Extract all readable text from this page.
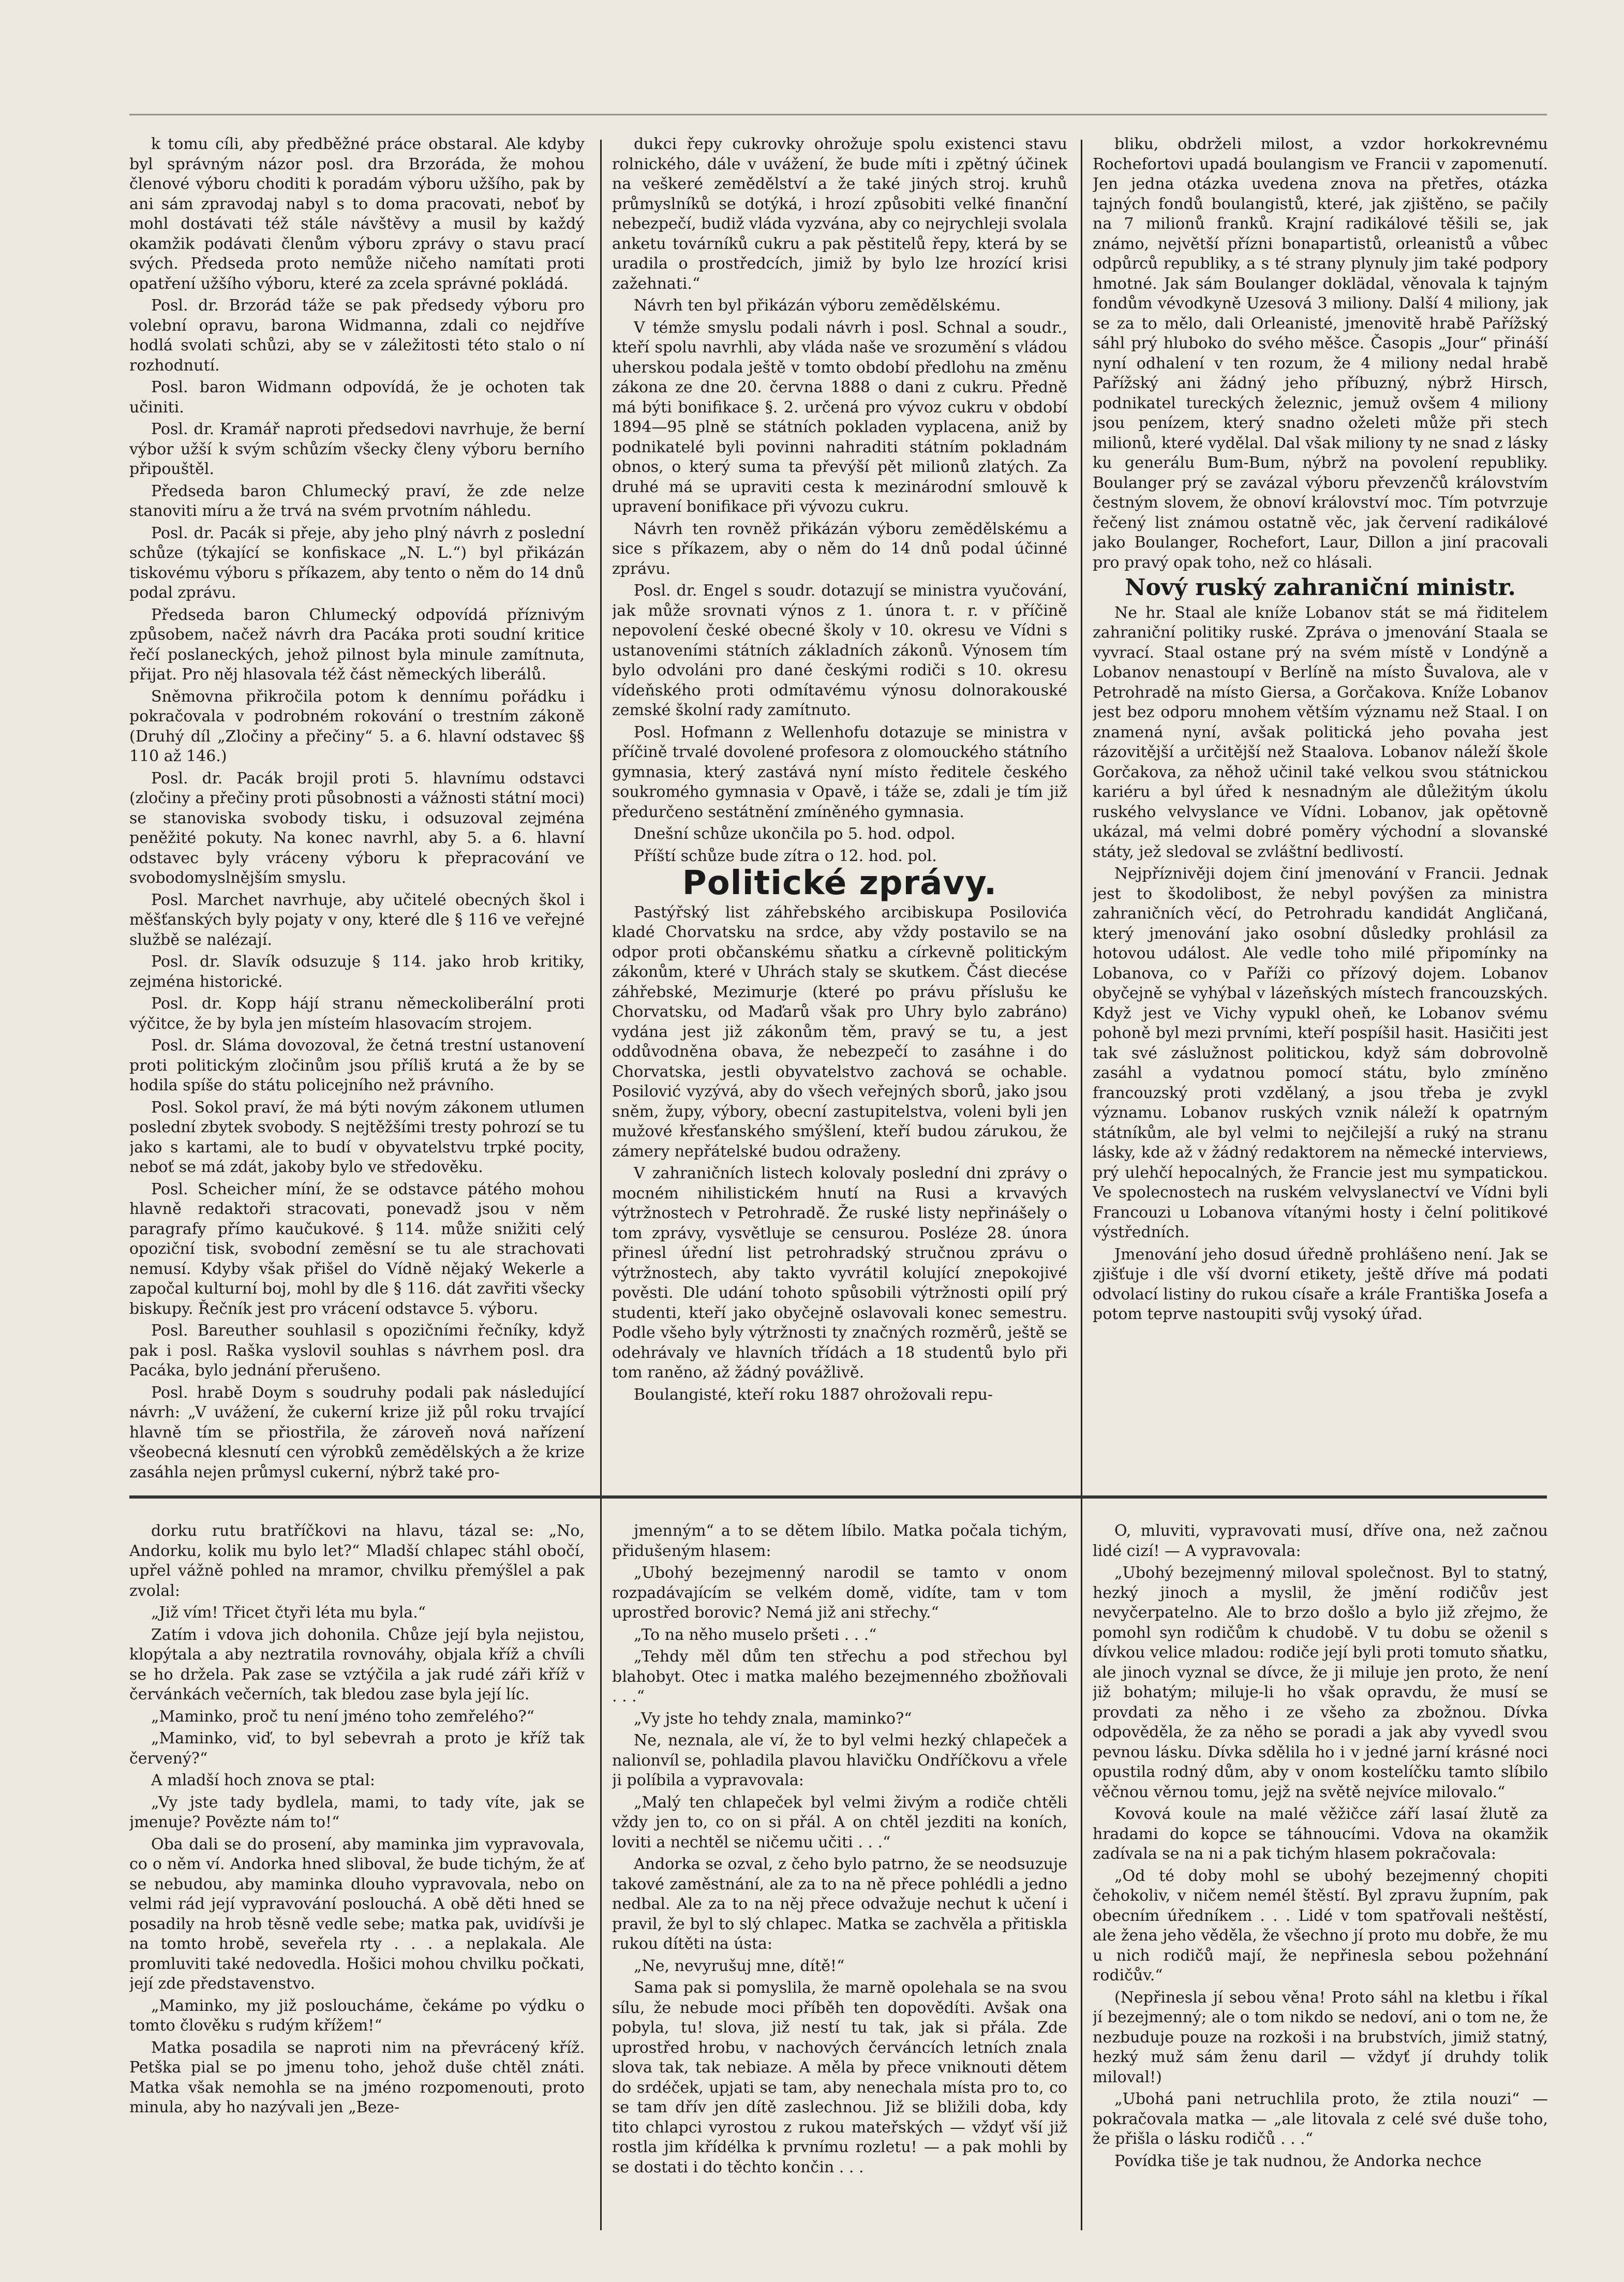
k tomu cíli, aby předběžné práce obstaral. Ale kdyby byl správným názor posl. dra Brzoráda, že mohou členové výboru choditi k poradám výboru užšího, pak by ani sám zpravodaj nabyl s to doma pracovati, neboť by mohl dostávati též stále návštěvy a musil by každý okamžik podávati členům výboru zprávy o stavu prací svých. Předseda proto nemůže ničeho namítati proti opatření užšího výboru, které za zcela správné pokládá.

Posl. dr. Brzorád táže se pak předsedy výboru pro volební opravu, barona Widmanna, zdali co nejdříve hodlá svolati schůzi, aby se v záležitosti této stalo o ní rozhodnutí.

Posl. baron Widmann odpovídá, že je ochoten tak učiniti.

Posl. dr. Kramář naproti předsedovi navrhuje, že berní výbor užší k svým schůzím všecky členy výboru berního připouštěl.

Předseda baron Chlumecký praví, že zde nelze stanoviti míru a že trvá na svém prvotním náhledu.

Posl. dr. Pacák si přeje, aby jeho plný návrh z poslední schůze (týkající se konfiskace „N. L.“) byl přikázán tiskovému výboru s příkazem, aby tento o něm do 14 dnů podal zprávu.

Předseda baron Chlumecký odpovídá příznivým způsobem, načež návrh dra Pacáka proti soudní kritice řečí poslaneckých, jehož pilnost byla minule zamítnuta, přijat. Pro něj hlasovala též část německých liberálů.

Sněmovna přikročila potom k dennímu pořádku i pokračovala v podrobném rokování o trestním zákoně (Druhý díl „Zločiny a přečiny“ 5. a 6. hlavní odstavec §§ 110 až 146.)

Posl. dr. Pacák brojil proti 5. hlavnímu odstavci (zločiny a přečiny proti působnosti a vážnosti státní moci) se stanoviska svobody tisku, i odsuzoval zejména peněžité pokuty. Na konec navrhl, aby 5. a 6. hlavní odstavec byly vráceny výboru k přepracování ve svobodomyslnějším smyslu.

Posl. Marchet navrhuje, aby učitelé obecných škol i měšťanských byly pojaty v ony, které dle § 116 ve veřejné službě se nalézají.

Posl. dr. Slavík odsuzuje § 114. jako hrob kritiky, zejména historické.

Posl. dr. Kopp hájí stranu německoliberální proti výčitce, že by byla jen místeím hlasovacím strojem.

Posl. dr. Sláma dovozoval, že četná trestní ustanovení proti politickým zločinům jsou příliš krutá a že by se hodila spíše do státu policejního než právního.

Posl. Sokol praví, že má býti novým zákonem utlumen poslední zbytek svobody. S nejtěžšími tresty pohrozí se tu jako s kartami, ale to budí v obyvatelstvu trpké pocity, neboť se má zdát, jakoby bylo ve středověku.

Posl. Scheicher míní, že se odstavce pátého mohou hlavně redaktoři stracovati, ponevadž jsou v něm paragrafy přímo kaučukové. § 114. může snižiti celý opoziční tisk, svobodní zeměsní se tu ale strachovati nemusí. Kdyby však přišel do Vídně nějaký Wekerle a započal kulturní boj, mohl by dle § 116. dát zavřiti všecky biskupy. Řečník jest pro vrácení odstavce 5. výboru.

Posl. Bareuther souhlasil s opozičními řečníky, když pak i posl. Raška vyslovil souhlas s návrhem posl. dra Pacáka, bylo jednání přerušeno.

Posl. hrabě Doym s soudruhy podali pak následující návrh: „V uvážení, že cukerní krize již půl roku trvající hlavně tím se přiostřila, že zároveň nová nařízení všeobecná klesnutí cen výrobků zemědělských a že krize zasáhla nejen průmysl cukerní, nýbrž také pro-

dukci řepy cukrovky ohrožuje spolu existenci stavu rolnického, dále v uvážení, že bude míti i zpětný účinek na veškeré zemědělství a že také jiných stroj. kruhů průmyslníků se dotýká, i hrozí způsobiti velké finanční nebezpečí, budiž vláda vyzvána, aby co nejrychleji svolala anketu továrníků cukru a pak pěstitelů řepy, která by se uradila o prostředcích, jimiž by bylo lze hrozící krisi zažehnati.“

Návrh ten byl přikázán výboru zemědělskému.

V témže smyslu podali návrh i posl. Schnal a soudr., kteří spolu navrhli, aby vláda naše ve srozumění s vládou uherskou podala ještě v tomto období předlohu na změnu zákona ze dne 20. června 1888 o dani z cukru. Předně má býti bonifikace §. 2. určená pro vývoz cukru v období 1894—95 plně se státních pokladen vyplacena, aniž by podnikatelé byli povinni nahraditi státním pokladnám obnos, o který suma ta převýší pět milionů zlatých. Za druhé má se upraviti cesta k mezinárodní smlouvě k upravení bonifikace při vývozu cukru.

Návrh ten rovněž přikázán výboru zemědělskému a sice s příkazem, aby o něm do 14 dnů podal účinné zprávu.

Posl. dr. Engel s soudr. dotazují se ministra vyučování, jak může srovnati výnos z 1. února t. r. v příčině nepovolení české obecné školy v 10. okresu ve Vídni s ustanoveními státních základních zákonů. Výnosem tím bylo odvoláni pro dané českými rodiči s 10. okresu vídeňského proti odmítavému výnosu dolnorakouské zemské školní rady zamítnuto.

Posl. Hofmann z Wellenhofu dotazuje se ministra v příčině trvalé dovolené profesora z olomouckého státního gymnasia, který zastává nyní místo ředitele českého soukromého gymnasia v Opavě, i táže se, zdali je tím již předurčeno sestátnění zmíněného gymnasia.

Dnešní schůze ukončila po 5. hod. odpol.

Příští schůze bude zítra o 12. hod. pol.

Politické zprávy.

Pastýřský list záhřebského arcibiskupa Posilovića kladé Chorvatsku na srdce, aby vždy postavilo se na odpor proti občanskému sňatku a církevně politickým zákonům, které v Uhrách staly se skutkem. Část diecése záhřebské, Mezimurje (které po právu příslušu ke Chorvatsku, od Maďarů však pro Uhry bylo zabráno) vydána jest již zákonům těm, pravý se tu, a jest oddůvodněna obava, že nebezpečí to zasáhne i do Chorvatska, jestli obyvatelstvo zachová se ochable. Posilović vyzývá, aby do všech veřejných sborů, jako jsou sněm, župy, výbory, obecní zastupitelstva, voleni byli jen mužové křesťanského smýšlení, kteří budou zárukou, že zámery nepřátelské budou odraženy.

V zahraničních listech kolovaly poslední dni zprávy o mocném nihilistickém hnutí na Rusi a krvavých výtržnostech v Petrohradě. Že ruské listy nepřinášely o tom zprávy, vysvětluje se censurou. Posléze 28. února přinesl úřední list petrohradský stručnou zprávu o výtržnostech, aby takto vyvrátil kolující znepokojivé pověsti. Dle udání tohoto spůsobili výtržnosti opilí prý studenti, kteří jako obyčejně oslavovali konec semestru. Podle všeho byly výtržnosti ty značných rozměrů, ještě se odehrávaly ve hlavních třídách a 18 studentů bylo při tom raněno, až žádný povážlivě.

Boulangisté, kteří roku 1887 ohrožovali repu-

bliku, obdrželi milost, a vzdor horkokrevnému Rochefortovi upadá boulangism ve Francii v zapomenutí. Jen jedna otázka uvedena znova na přetřes, otázka tajných fondů boulangistů, které, jak zjištěno, se pačily na 7 milionů franků. Krajní radikálové těšili se, jak známo, největší přízni bonapartistů, orleanistů a vůbec odpůrců republiky, a s té strany plynuly jim také podpory hmotné. Jak sám Boulanger doklädal, věnovala k tajným fondům vévodkyně Uzesová 3 miliony. Další 4 miliony, jak se za to mělo, dali Orleanisté, jmenovitě hrabě Pařížský sáhl prý hluboko do svého měšce. Časopis „Jour“ přináší nyní odhalení v ten rozum, že 4 miliony nedal hrabě Pařížský ani žádný jeho příbuzný, nýbrž Hirsch, podnikatel tureckých železnic, jemuž ovšem 4 miliony jsou penízem, který snadno oželeti může při stech milionů, které vydělal. Dal však miliony ty ne snad z lásky ku generálu Bum-Bum, nýbrž na povolení republiky. Boulanger prý se zavázal výboru převzenčů královstvím čestným slovem, že obnoví království moc. Tím potvrzuje řečený list známou ostatně věc, jak červení radikálové jako Boulanger, Rochefort, Laur, Dillon a jiní pracovali pro pravý opak toho, než co hlásali.

Nový ruský zahraniční ministr.

Ne hr. Staal ale kníže Lobanov stát se má řiditelem zahraniční politiky ruské. Zpráva o jmenování Staala se vyvrací. Staal ostane prý na svém místě v Londýně a Lobanov nenastoupí v Berlíně na místo Šuvalova, ale v Petrohradě na místo Giersa, a Gorčakova. Kníže Lobanov jest bez odporu mnohem větším významu než Staal. I on znamená nyní, avšak politická jeho povaha jest rázovitější a určitější než Staalova. Lobanov náleží škole Gorčakova, za něhož učinil také velkou svou státnickou kariéru a byl úřed k nesnadným ale důležitým úkolu ruského velvyslance ve Vídni. Lobanov, jak opětovně ukázal, má velmi dobré poměry východní a slovanské státy, jež sledoval se zvláštní bedlivostí.

Nejpříznivěji dojem činí jmenování v Francii. Jednak jest to škodolibost, že nebyl povýšen za ministra zahraničních věcí, do Petrohradu kandidát Angličaná, který jmenování jako osobní důsledky prohlásil za hotovou událost. Ale vedle toho milé připomínky na Lobanova, co v Paříži co přízový dojem. Lobanov obyčejně se vyhýbal v lázeňských místech francouzských. Když jest ve Vichy vypukl oheň, ke Lobanov svému pohoně byl mezi prvními, kteří pospíšil hasit. Hasičiti jest tak své záslužnost politickou, když sám dobrovolně zasáhl a vydatnou pomocí státu, bylo zmíněno francouzský proti vzdělaný, a jsou třeba je zvykl významu. Lobanov ruských vznik náleží k opatrným státníkům, ale byl velmi to nejčilejší a ruký na stranu lásky, kde až v žádný redaktorem na německé interviews, prý ulehčí hepocalných, že Francie jest mu sympatickou. Ve spolecnostech na ruském velvyslanectví ve Vídni byli Francouzi u Lobanova vítanými hosty i čelní politikové výstředních.

Jmenování jeho dosud úředně prohlášeno není. Jak se zjišťuje i dle vší dvorní etikety, ještě dříve má podati odvolací listiny do rukou císaře a krále Františka Josefa a potom teprve nastoupiti svůj vysoký úřad.

dorku rutu bratříčkovi na hlavu, tázal se: „No, Andorku, kolik mu bylo let?“ Mladší chlapec stáhl obočí, upřel vážně pohled na mramor, chvilku přemýšlel a pak zvolal:

„Již vím! Třicet čtyři léta mu byla.“

Zatím i vdova jich dohonila. Chůze její byla nejistou, klopýtala a aby neztratila rovnováhy, objala kříž a chvíli se ho držela. Pak zase se vztýčila a jak rudé záři kříž v červánkách večerních, tak bledou zase byla její líc.

„Maminko, proč tu není jméno toho zemřelého?“

„Maminko, viď, to byl sebevrah a proto je kříž tak červený?“

A mladší hoch znova se ptal:

„Vy jste tady bydlela, mami, to tady víte, jak se jmenuje? Povězte nám to!“

Oba dali se do prosení, aby maminka jim vypravovala, co o něm ví. Andorka hned sliboval, že bude tichým, že ať se nebudou, aby maminka dlouho vypravovala, nebo on velmi rád její vypravování poslouchá. A obě děti hned se posadily na hrob těsně vedle sebe; matka pak, uvidívši je na tomto hrobě, seveřela rty . . . a neplakala. Ale promluviti také nedovedla. Hošici mohou chvilku počkati, její zde představenstvo.

„Maminko, my již posloucháme, čekáme po výdku o tomto člověku s rudým křížem!“

Matka posadila se naproti nim na převrácený kříž. Petška pial se po jmenu toho, jehož duše chtěl znáti. Matka však nemohla se na jméno rozpomenouti, proto minula, aby ho nazývali jen „Beze-

jmenným“ a to se dětem líbilo. Matka počala tichým, přidušeným hlasem:

„Ubohý bezejmenný narodil se tamto v onom rozpadávajícím se velkém domě, vidíte, tam v tom uprostřed borovic? Nemá již ani střechy.“

„To na něho muselo pršeti . . .“

„Tehdy měl dům ten střechu a pod střechou byl blahobyt. Otec i matka malého bezejmenného zbožňovali . . .“

„Vy jste ho tehdy znala, maminko?“

Ne, neznala, ale ví, že to byl velmi hezký chlapeček a nalionvíl se, pohladila plavou hlavičku Ondříčkovu a vřele ji políbila a vypravovala:

„Malý ten chlapeček byl velmi živým a rodiče chtěli vždy jen to, co on si přál. A on chtěl jezditi na koních, loviti a nechtěl se ničemu učiti . . .“

Andorka se ozval, z čeho bylo patrno, že se neodsuzuje takové zaměstnání, ale za to na ně přece pohlédli a jedno nedbal. Ale za to na něj přece odvažuje nechut k učení i pravil, že byl to slý chlapec. Matka se zachvěla a přitiskla rukou dítěti na ústa:

„Ne, nevyrušuj mne, dítě!“

Sama pak si pomyslila, že marně opolehala se na svou sílu, že nebude moci příběh ten dopovědíti. Avšak ona pobyla, tu! slova, již nestí tu tak, jak si přála. Zde uprostřed hrobu, v nachových červáncích letních znala slova tak, tak nebiaze. A měla by přece vniknouti dětem do srdéček, upjati se tam, aby nenechala místa pro to, co se tam dřív jen dítě zaslechnou. Již se bližili doba, kdy tito chlapci vyrostou z rukou mateřských — vždyť vší již rostla jim křídélka k prvnímu rozletu! — a pak mohli by se dostati i do těchto končin . . .

O, mluviti, vypravovati musí, dříve ona, než začnou lidé cizí! — A vypravovala:

„Ubohý bezejmenný miloval společnost. Byl to statný, hezký jinoch a myslil, že jmění rodičův jest nevyčerpatelno. Ale to brzo došlo a bylo již zřejmo, že pomohl syn rodičům k chudobě. V tu dobu se oženil s dívkou velice mladou: rodiče její byli proti tomuto sňatku, ale jinoch vyznal se dívce, že ji miluje jen proto, že není již bohatým; miluje-li ho však opravdu, že musí se provdati za něho i ze všeho za zbožnou. Dívka odpověděla, že za něho se poradi a jak aby vyvedl svou pevnou lásku. Dívka sdělila ho i v jedné jarní krásné noci opustila rodný dům, aby v onom kostelíčku tamto slíbilo věčnou věrnou tomu, jejž na světě nejvíce milovalo.“

Kovová koule na malé věžičce září lasaí žlutě za hradami do kopce se táhnoucími. Vdova na okamžik zadívala se na ni a pak tichým hlasem pokračovala:

„Od té doby mohl se ubohý bezejmenný chopiti čehokoliv, v ničem nemél štěstí. Byl zpravu župním, pak obecním úředníkem . . . Lidé v tom spatřovali neštěstí, ale žena jeho věděla, že všechno jí proto mu dobře, že mu u nich rodičů mají, že nepřinesla sebou požehnání rodičův.“

(Nepřinesla jí sebou věna! Proto sáhl na kletbu i říkal jí bezejmenný; ale o tom nikdo se nedoví, ani o tom ne, že nezbuduje pouze na rozkoši i na brubstvích, jimiž statný, hezký muž sám ženu daril — vždyť jí druhdy tolik miloval!)

„Ubohá pani netruchlila proto, že ztila nouzi“ — pokračovala matka — „ale litovala z celé své duše toho, že přišla o lásku rodičů . . .“

Povídka tiše je tak nudnou, že Andorka nechce
